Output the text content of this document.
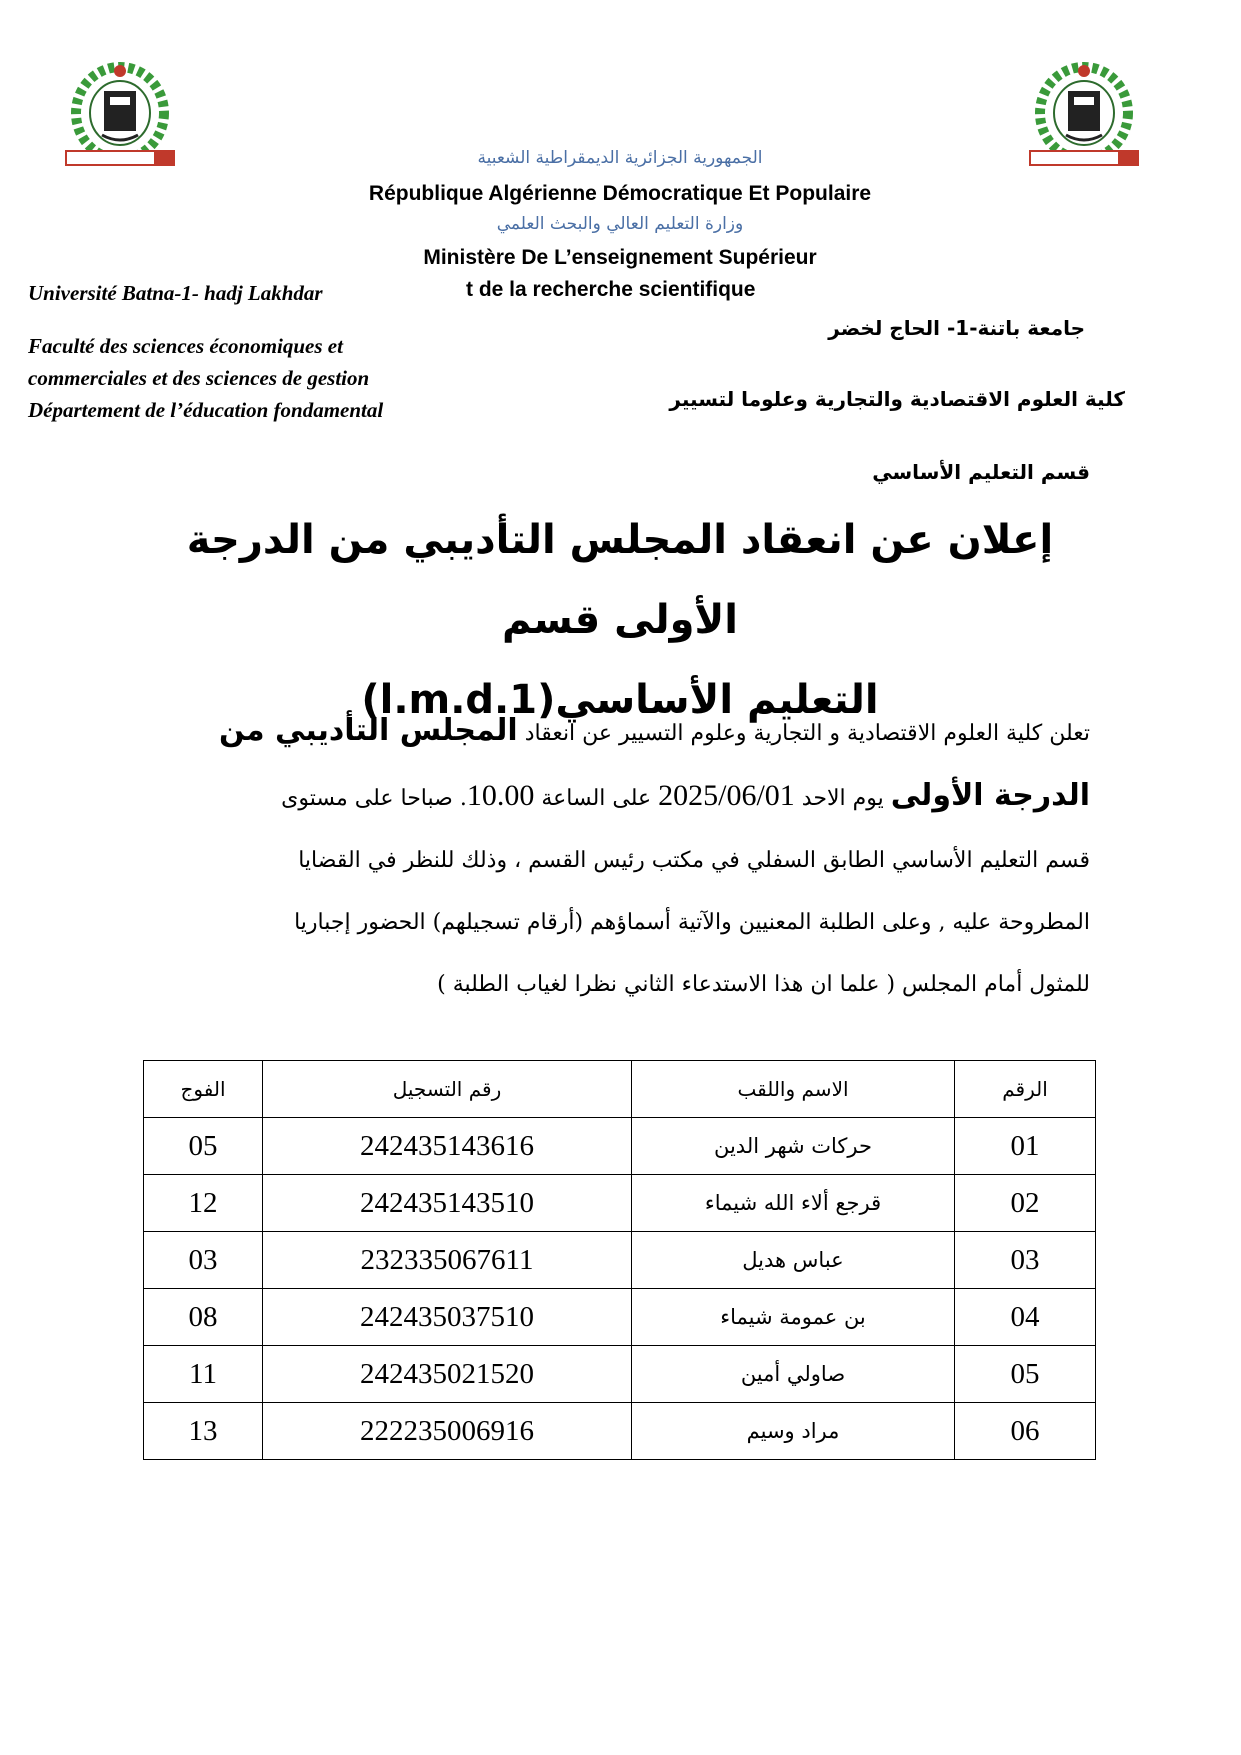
الجمهورية الجزائرية الديمقراطية الشعبية
République Algérienne Démocratique Et Populaire
وزارة التعليم العالي والبحث العلمي
Ministère De L’enseignement Supérieur
t de la recherche scientifique
Université Batna-1- hadj Lakhdar
Faculté des sciences économiques et
commerciales et des sciences de gestion
Département de l’éducation fondamental
جامعة باتنة-1- الحاج لخضر
كلية العلوم الاقتصادية والتجارية وعلوما لتسيير
قسم التعليم الأساسي
إعلان عن انعقاد المجلس التأديبي من الدرجة الأولى قسم
التعليم الأساسي(l.m.d.1)
تعلن كلية العلوم الاقتصادية و التجارية وعلوم التسيير عن انعقاد المجلس التأديبي من
الدرجة الأولى يوم الاحد 2025/06/01 على الساعة 10.00. صباحا على مستوى
قسم التعليم الأساسي الطابق السفلي في مكتب رئيس القسم ، وذلك للنظر في القضايا
المطروحة عليه , وعلى الطلبة المعنيين والآتية أسماؤهم (أرقام تسجيلهم) الحضور إجباريا
للمثول أمام المجلس ( علما ان هذا الاستدعاء الثاني نظرا لغياب الطلبة )
الرقم	الاسم واللقب	رقم التسجيل	الفوج
01	حركات شهر الدين	242435143616	05
02	قرجع ألاء الله شيماء	242435143510	12
03	عباس هديل	232335067611	03
04	بن عمومة شيماء	242435037510	08
05	صاولي أمين	242435021520	11
06	مراد وسيم	222235006916	13
